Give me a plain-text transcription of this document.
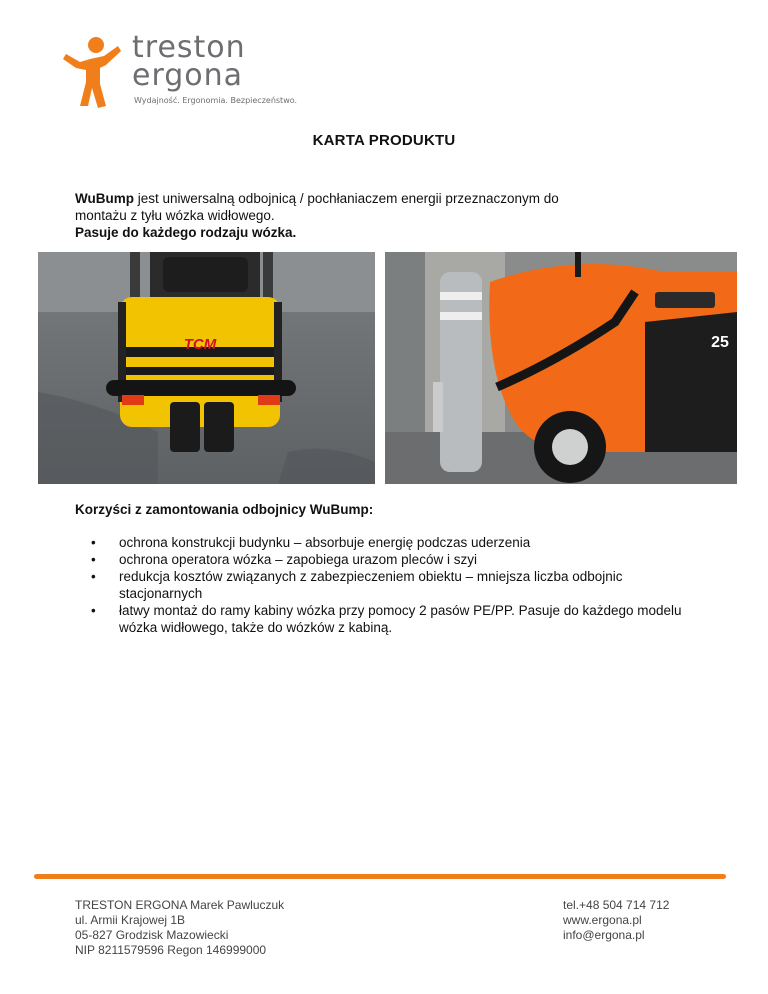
treston
ergona
Wydajność. Ergonomia. Bezpieczeństwo.
KARTA PRODUKTU
WuBump jest uniwersalną odbojnicą / pochłaniaczem energii przeznaczonym do
montażu z tyłu wózka widłowego.
Pasuje do każdego rodzaju wózka.
TCM	25
Korzyści z zamontowania odbojnicy WuBump:
• ochrona konstrukcji budynku – absorbuje energię podczas uderzenia
• ochrona operatora wózka – zapobiega urazom pleców i szyi
• redukcja kosztów związanych z zabezpieczeniem obiektu – mniejsza liczba odbojnic stacjonarnych
• łatwy montaż do ramy kabiny wózka przy pomocy 2 pasów PE/PP. Pasuje do każdego modelu wózka widłowego, także do wózków z kabiną.
TRESTON ERGONA Marek Pawluczuk
ul. Armii Krajowej 1B
05-827 Grodzisk Mazowiecki
NIP 8211579596 Regon 146999000
tel.+48 504 714 712
www.ergona.pl
info@ergona.pl
